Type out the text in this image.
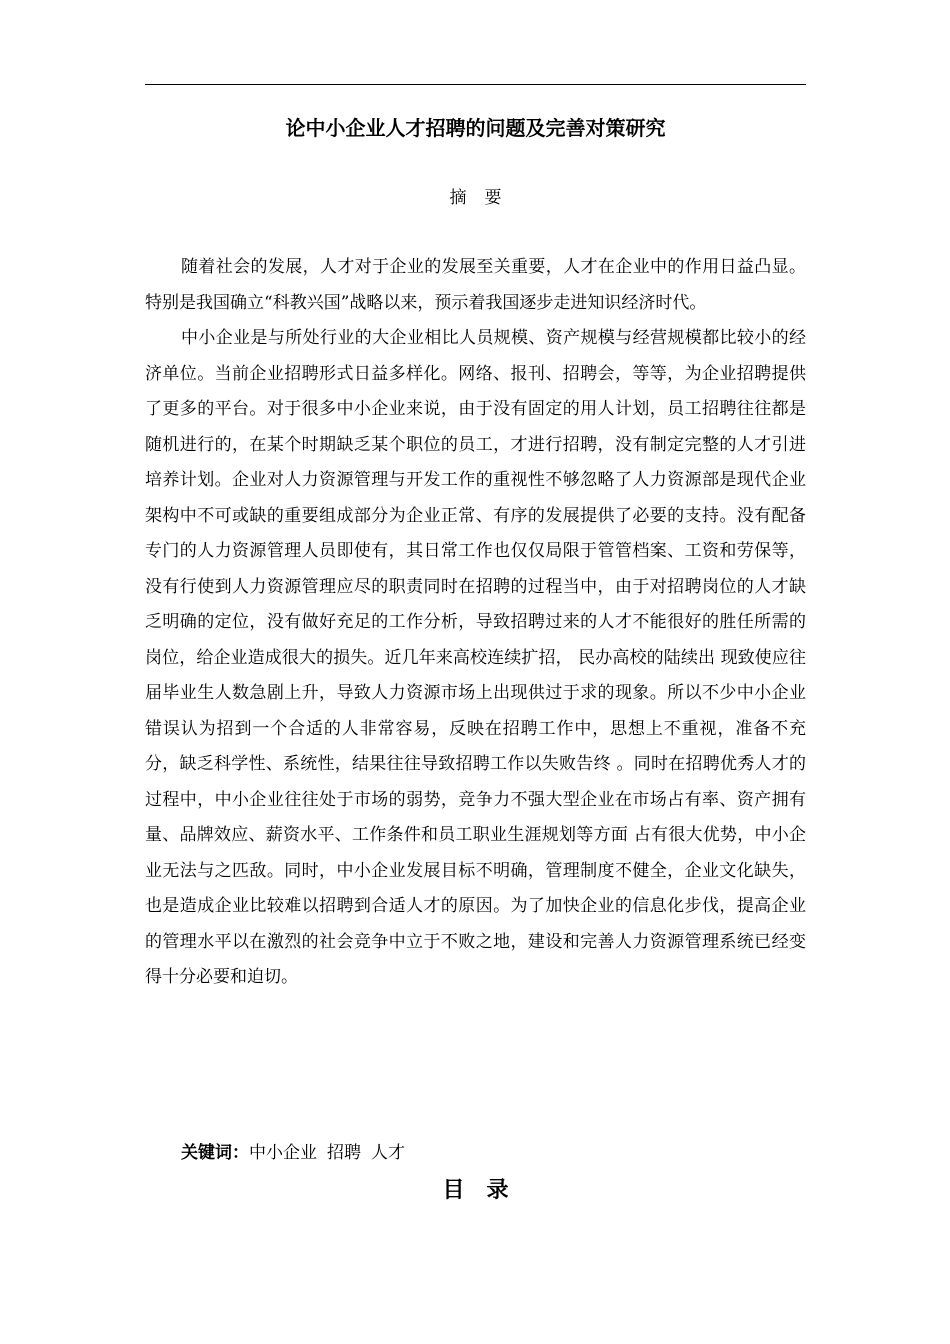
论中小企业人才招聘的问题及完善对策研究
摘要

随着社会的发展，人才对于企业的发展至关重要，人才在企业中的作用日益凸显。特别是我国确立“科教兴国”战略以来，预示着我国逐步走进知识经济时代。

中小企业是与所处行业的大企业相比人员规模、资产规模与经营规模都比较小的经济单位。当前企业招聘形式日益多样化。网络、报刊、招聘会，等等，为企业招聘提供了更多的平台。对于很多中小企业来说，由于没有固定的用人计划，员工招聘往往都是随机进行的，在某个时期缺乏某个职位的员工，才进行招聘，没有制定完整的人才引进培养计划。企业对人力资源管理与开发工作的重视性不够忽略了人力资源部是现代企业架构中不可或缺的重要组成部分为企业正常、有序的发展提供了必要的支持。没有配备专门的人力资源管理人员即使有，其日常工作也仅仅局限于管管档案、工资和劳保等，没有行使到人力资源管理应尽的职责同时在招聘的过程当中，由于对招聘岗位的人才缺乏明确的定位，没有做好充足的工作分析，导致招聘过来的人才不能很好的胜任所需的岗位，给企业造成很大的损失。近几年来高校连续扩招， 民办高校的陆续出 现致使应往届毕业生人数急剧上升，导致人力资源市场上出现供过于求的现象。所以不少中小企业错误认为招到一个合适的人非常容易，反映在招聘工作中，思想上不重视，准备不充分，缺乏科学性、系统性，结果往往导致招聘工作以失败告终 。同时在招聘优秀人才的过程中，中小企业往往处于市场的弱势，竞争力不强大型企业在市场占有率、资产拥有量、品牌效应、薪资水平、工作条件和员工职业生涯规划等方面 占有很大优势，中小企业无法与之匹敌。同时，中小企业发展目标不明确，管理制度不健全，企业文化缺失，也是造成企业比较难以招聘到合适人才的原因。为了加快企业的信息化步伐，提高企业的管理水平以在激烈的社会竞争中立于不败之地，建设和完善人力资源管理系统已经变得十分必要和迫切。

关键词：中小企业 招聘 人才
目录
